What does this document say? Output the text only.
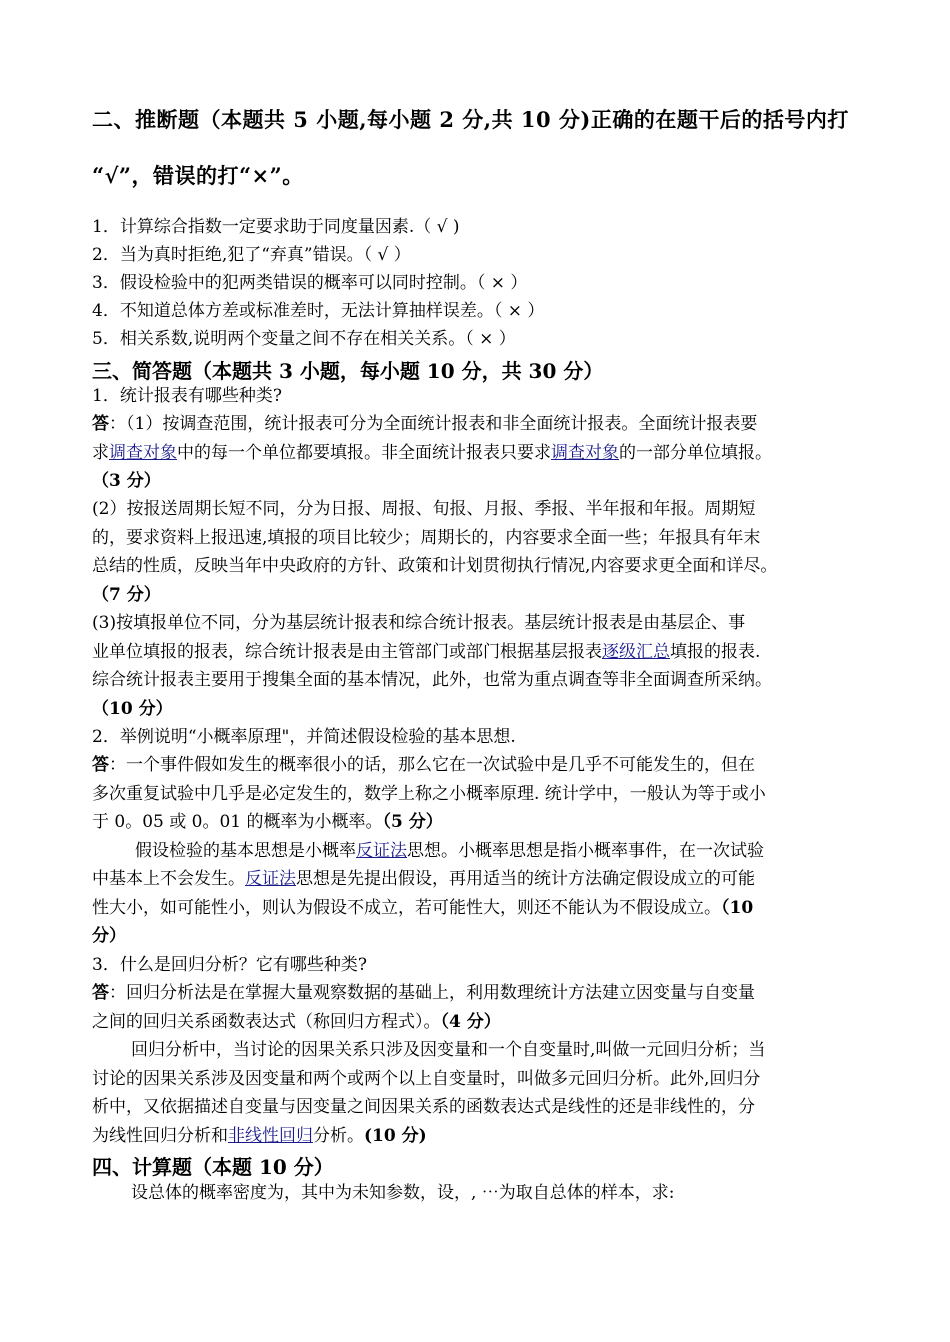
二、推断题（本题共 5 小题,每小题 2 分,共 10 分)正确的在题干后的括号内打
“√”，错误的打“×”。
1．计算综合指数一定要求助于同度量因素.（ √ )
2．当为真时拒绝,犯了“弃真”错误。（ √ ）
3．假设检验中的犯两类错误的概率可以同时控制。（ × ）
4．不知道总体方差或标准差时，无法计算抽样误差。（ × ）
5．相关系数,说明两个变量之间不存在相关关系。（ × ）
三、简答题（本题共 3 小题，每小题 10 分，共 30 分）
1．统计报表有哪些种类?
答：（1）按调查范围，统计报表可分为全面统计报表和非全面统计报表。全面统计报表要
求调查对象中的每一个单位都要填报。非全面统计报表只要求调查对象的一部分单位填报。
（3 分）
(2）按报送周期长短不同，分为日报、周报、旬报、月报、季报、半年报和年报。周期短
的，要求资料上报迅速,填报的项目比较少；周期长的，内容要求全面一些；年报具有年末
总结的性质，反映当年中央政府的方针、政策和计划贯彻执行情况,内容要求更全面和详尽。
（7 分）
(3)按填报单位不同，分为基层统计报表和综合统计报表。基层统计报表是由基层企、事
业单位填报的报表，综合统计报表是由主管部门或部门根据基层报表逐级汇总填报的报表.
综合统计报表主要用于搜集全面的基本情况，此外，也常为重点调查等非全面调查所采纳。
（10 分）
2．举例说明“小概率原理"，并简述假设检验的基本思想.
答：一个事件假如发生的概率很小的话，那么它在一次试验中是几乎不可能发生的，但在
多次重复试验中几乎是必定发生的，数学上称之小概率原理. 统计学中，一般认为等于或小
于 0。05 或 0。01 的概率为小概率。（5 分）
假设检验的基本思想是小概率反证法思想。小概率思想是指小概率事件，在一次试验
中基本上不会发生。反证法思想是先提出假设，再用适当的统计方法确定假设成立的可能
性大小，如可能性小，则认为假设不成立，若可能性大，则还不能认为不假设成立。（10
分）
3．什么是回归分析？它有哪些种类?
答：回归分析法是在掌握大量观察数据的基础上，利用数理统计方法建立因变量与自变量
之间的回归关系函数表达式（称回归方程式）。（4 分）
回归分析中，当讨论的因果关系只涉及因变量和一个自变量时,叫做一元回归分析；当
讨论的因果关系涉及因变量和两个或两个以上自变量时，叫做多元回归分析。此外,回归分
析中，又依据描述自变量与因变量之间因果关系的函数表达式是线性的还是非线性的，分
为线性回归分析和非线性回归分析。(10 分)
四、计算题（本题 10 分）
设总体的概率密度为，其中为未知参数，设，, ⋯为取自总体的样本，求:
